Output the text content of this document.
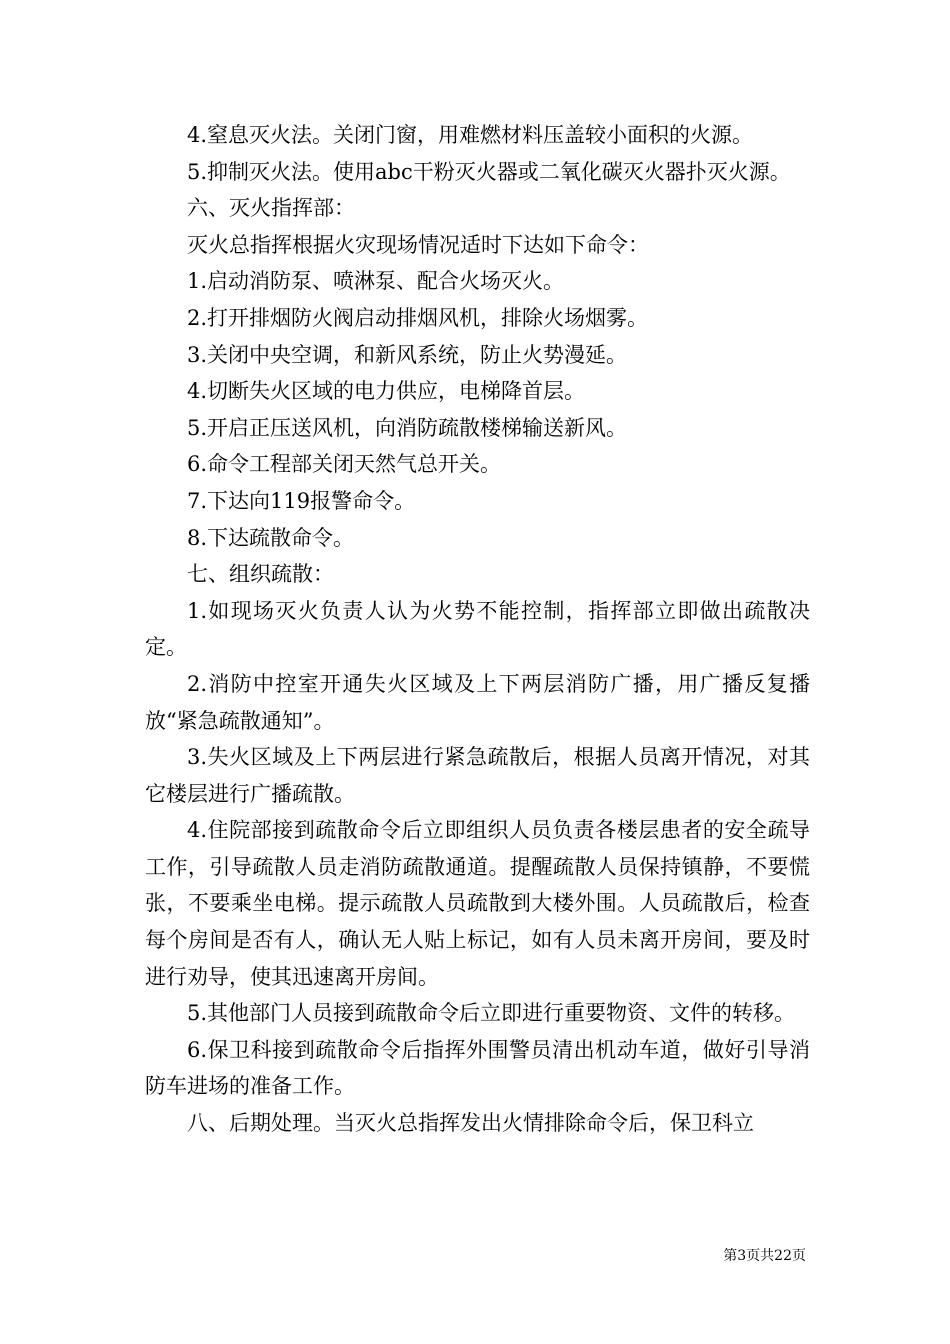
4.窒息灭火法。关闭门窗，用难燃材料压盖较小面积的火源。

5.抑制灭火法。使用abc干粉灭火器或二氧化碳灭火器扑灭火源。

六、灭火指挥部：

灭火总指挥根据火灾现场情况适时下达如下命令：

1.启动消防泵、喷淋泵、配合火场灭火。

2.打开排烟防火阀启动排烟风机，排除火场烟雾。

3.关闭中央空调，和新风系统，防止火势漫延。

4.切断失火区域的电力供应，电梯降首层。

5.开启正压送风机，向消防疏散楼梯输送新风。

6.命令工程部关闭天然气总开关。

7.下达向119报警命令。

8.下达疏散命令。

七、组织疏散：

1.如现场灭火负责人认为火势不能控制，指挥部立即做出疏散决定。

2.消防中控室开通失火区域及上下两层消防广播，用广播反复播放“紧急疏散通知”。

3.失火区域及上下两层进行紧急疏散后，根据人员离开情况，对其它楼层进行广播疏散。

4.住院部接到疏散命令后立即组织人员负责各楼层患者的安全疏导工作，引导疏散人员走消防疏散通道。提醒疏散人员保持镇静，不要慌张，不要乘坐电梯。提示疏散人员疏散到大楼外围。人员疏散后，检查每个房间是否有人，确认无人贴上标记，如有人员未离开房间，要及时进行劝导，使其迅速离开房间。

5.其他部门人员接到疏散命令后立即进行重要物资、文件的转移。

6.保卫科接到疏散命令后指挥外围警员清出机动车道，做好引导消防车进场的准备工作。

八、后期处理。当灭火总指挥发出火情排除命令后，保卫科立

第3页共22页
